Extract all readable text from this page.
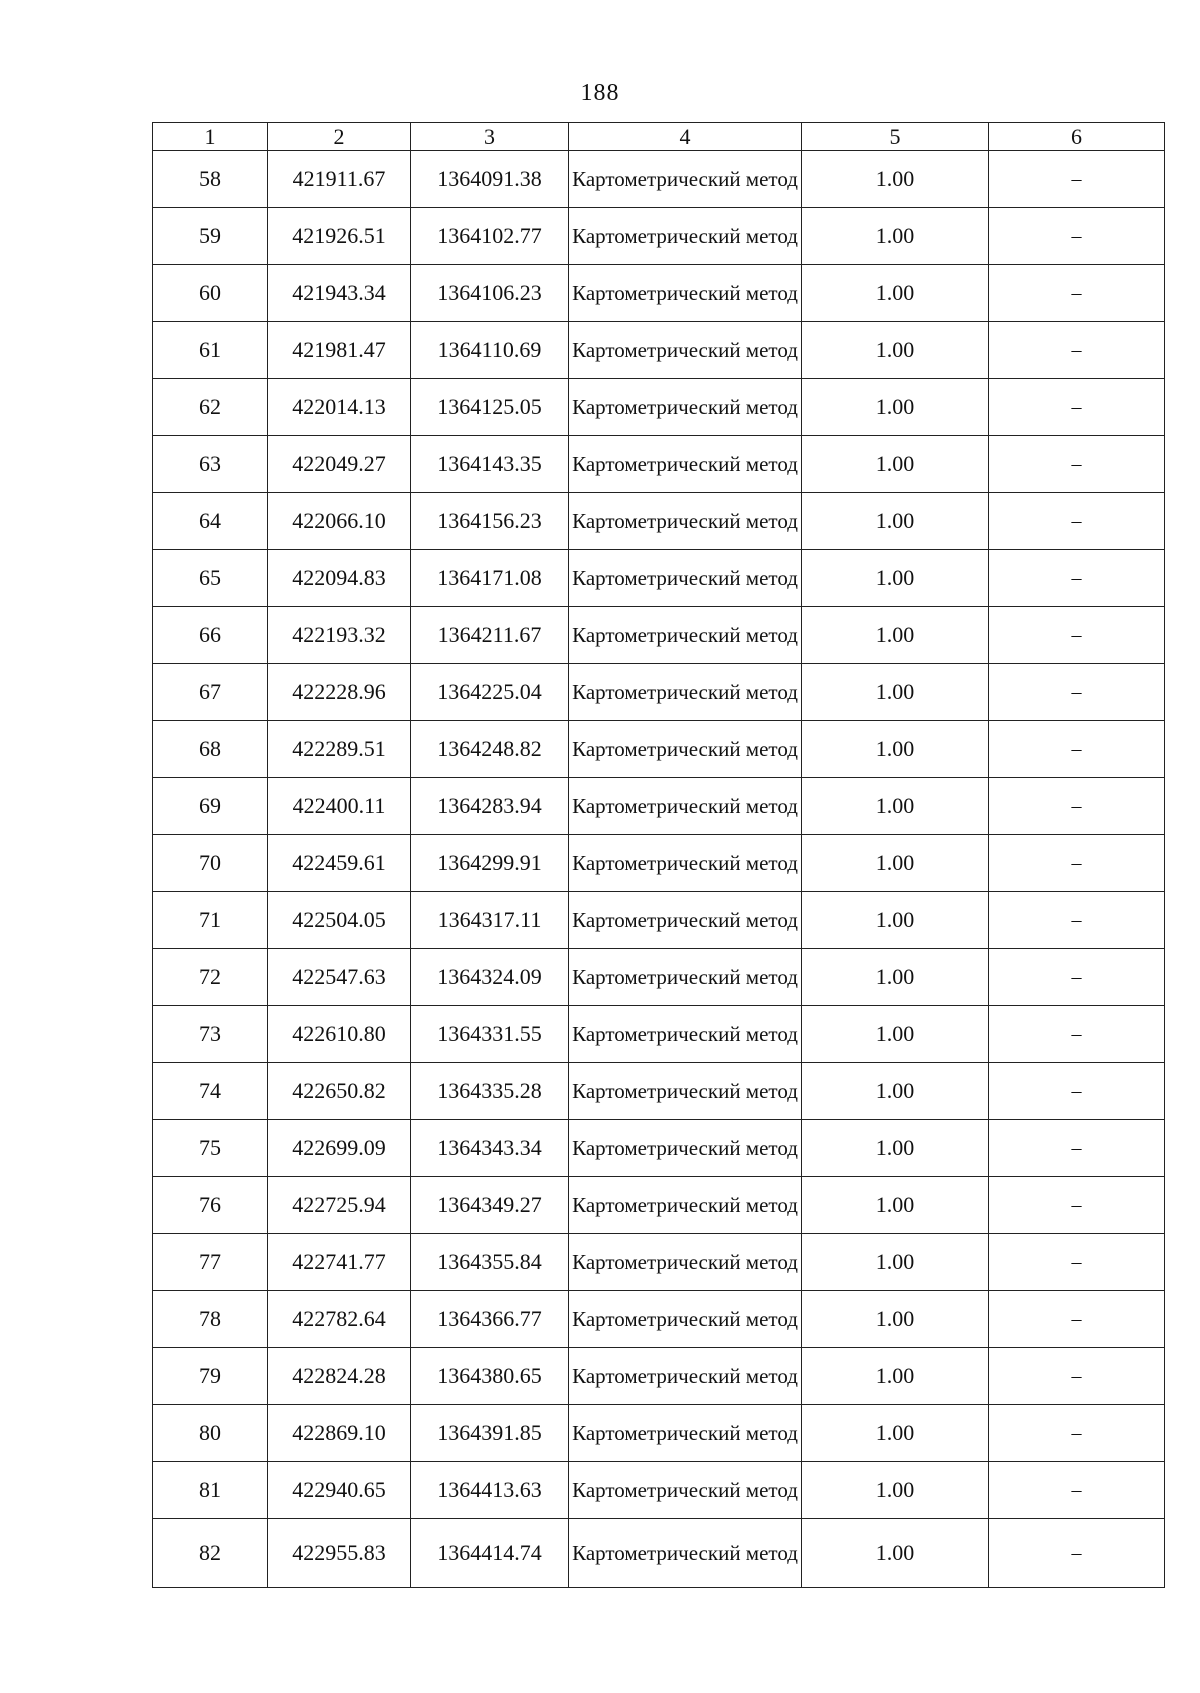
188
1	2	3	4	5	6
58	421911.67	1364091.38	Картометрический метод	1.00	–
59	421926.51	1364102.77	Картометрический метод	1.00	–
60	421943.34	1364106.23	Картометрический метод	1.00	–
61	421981.47	1364110.69	Картометрический метод	1.00	–
62	422014.13	1364125.05	Картометрический метод	1.00	–
63	422049.27	1364143.35	Картометрический метод	1.00	–
64	422066.10	1364156.23	Картометрический метод	1.00	–
65	422094.83	1364171.08	Картометрический метод	1.00	–
66	422193.32	1364211.67	Картометрический метод	1.00	–
67	422228.96	1364225.04	Картометрический метод	1.00	–
68	422289.51	1364248.82	Картометрический метод	1.00	–
69	422400.11	1364283.94	Картометрический метод	1.00	–
70	422459.61	1364299.91	Картометрический метод	1.00	–
71	422504.05	1364317.11	Картометрический метод	1.00	–
72	422547.63	1364324.09	Картометрический метод	1.00	–
73	422610.80	1364331.55	Картометрический метод	1.00	–
74	422650.82	1364335.28	Картометрический метод	1.00	–
75	422699.09	1364343.34	Картометрический метод	1.00	–
76	422725.94	1364349.27	Картометрический метод	1.00	–
77	422741.77	1364355.84	Картометрический метод	1.00	–
78	422782.64	1364366.77	Картометрический метод	1.00	–
79	422824.28	1364380.65	Картометрический метод	1.00	–
80	422869.10	1364391.85	Картометрический метод	1.00	–
81	422940.65	1364413.63	Картометрический метод	1.00	–
82	422955.83	1364414.74	Картометрический метод	1.00	–
